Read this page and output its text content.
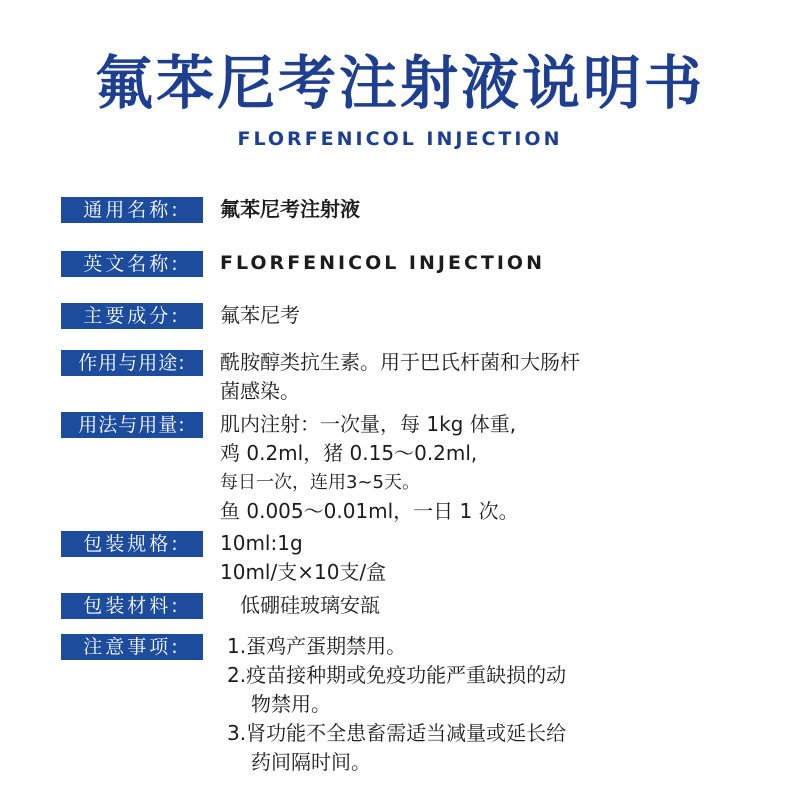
氟苯尼考注射液说明书
FLORFENICOL INJECTION
通用名称:	氟苯尼考注射液
英文名称:	FLORFENICOL INJECTION
主要成分:	氟苯尼考
作用与用途:	酰胺醇类抗生素。用于巴氏杆菌和大肠杆
菌感染。
用法与用量:	肌内注射：一次量，每 1kg 体重,
鸡 0.2ml，猪 0.15～0.2ml,
每日一次，连用3~5天。
鱼 0.005～0.01ml，一日 1 次。
包装规格:	10ml:1g
10ml/支×10支/盒
包装材料:	低硼硅玻璃安瓿
注意事项:	1.蛋鸡产蛋期禁用。
2.疫苗接种期或免疫功能严重缺损的动
物禁用。
3.肾功能不全患畜需适当减量或延长给
药间隔时间。
